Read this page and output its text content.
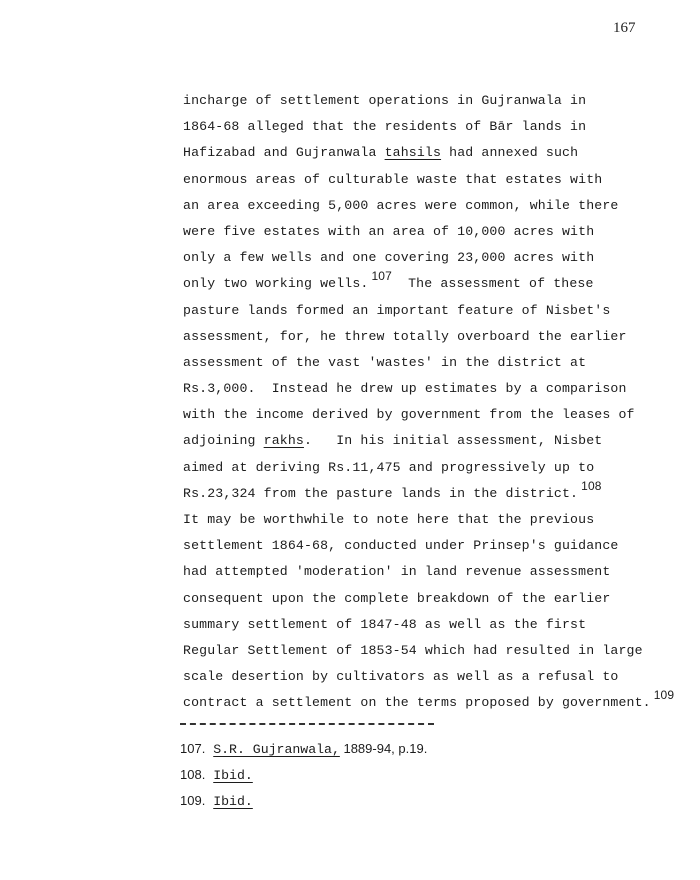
167
incharge of settlement operations in Gujranwala in
1864-68 alleged that the residents of Bār lands in
Hafizabad and Gujranwala tahsils had annexed such
enormous areas of culturable waste that estates with
an area exceeding 5,000 acres were common, while there
were five estates with an area of 10,000 acres with
only a few wells and one covering 23,000 acres with
only two working wells. $^{107}$  The assessment of these
pasture lands formed an important feature of Nisbet's
assessment, for, he threw totally overboard the earlier
assessment of the vast 'wastes' in the district at
Rs.3,000.  Instead he drew up estimates by a comparison
with the income derived by government from the leases of
adjoining rakhs.   In his initial assessment, Nisbet
aimed at deriving Rs.11,475 and progressively up to
Rs.23,324 from the pasture lands in the district. $^{108}$
It may be worthwhile to note here that the previous
settlement 1864-68, conducted under Prinsep's guidance
had attempted 'moderation' in land revenue assessment
consequent upon the complete breakdown of the earlier
summary settlement of 1847-48 as well as the first
Regular Settlement of 1853-54 which had resulted in large
scale desertion by cultivators as well as a refusal to
contract a settlement on the terms proposed by government. $^{109}$
107. S.R. Gujranwala, 1889-94, p.19.
108. Ibid.
109. Ibid.
